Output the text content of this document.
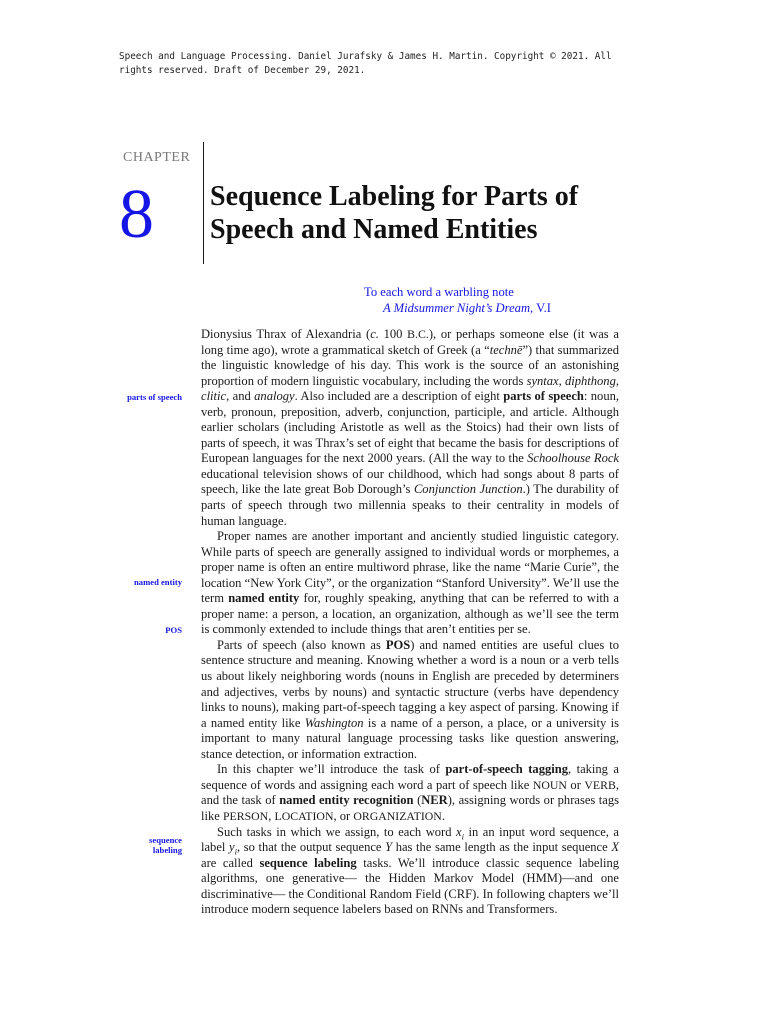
Speech and Language Processing. Daniel Jurafsky & James H. Martin. Copyright © 2021. All
rights reserved. Draft of December 29, 2021.
CHAPTER
8 Sequence Labeling for Parts of
Speech and Named Entities
To each word a warbling note
A Midsummer Night’s Dream, V.I
parts of speech
named entity
POS
sequence
labeling

Dionysius Thrax of Alexandria (c. 100 B.C.), or perhaps someone else (it was a long time ago), wrote a grammatical sketch of Greek (a “technē”) that summarized the linguistic knowledge of his day. This work is the source of an astonishing proportion of modern linguistic vocabulary, including the words syntax, diphthong, clitic, and analogy. Also included are a description of eight parts of speech: noun, verb, pronoun, preposition, adverb, conjunction, participle, and article. Although earlier scholars (including Aristotle as well as the Stoics) had their own lists of parts of speech, it was Thrax’s set of eight that became the basis for descriptions of European languages for the next 2000 years. (All the way to the Schoolhouse Rock educational television shows of our childhood, which had songs about 8 parts of speech, like the late great Bob Dorough’s Conjunction Junction.) The durability of parts of speech through two millennia speaks to their centrality in models of human language.

Proper names are another important and anciently studied linguistic category. While parts of speech are generally assigned to individual words or morphemes, a proper name is often an entire multiword phrase, like the name “Marie Curie”, the location “New York City”, or the organization “Stanford University”. We’ll use the term named entity for, roughly speaking, anything that can be referred to with a proper name: a person, a location, an organization, although as we’ll see the term is commonly extended to include things that aren’t entities per se.

Parts of speech (also known as POS) and named entities are useful clues to sentence structure and meaning. Knowing whether a word is a noun or a verb tells us about likely neighboring words (nouns in English are preceded by determiners and adjectives, verbs by nouns) and syntactic structure (verbs have dependency links to nouns), making part-of-speech tagging a key aspect of parsing. Knowing if a named entity like Washington is a name of a person, a place, or a university is important to many natural language processing tasks like question answering, stance detection, or information extraction.

In this chapter we’ll introduce the task of part-of-speech tagging, taking a sequence of words and assigning each word a part of speech like NOUN or VERB, and the task of named entity recognition (NER), assigning words or phrases tags like PERSON, LOCATION, or ORGANIZATION.

Such tasks in which we assign, to each word $x_i$ in an input word sequence, a label $y_i$, so that the output sequence Y has the same length as the input sequence X are called sequence labeling tasks. We’ll introduce classic sequence labeling algorithms, one generative— the Hidden Markov Model (HMM)—and one discriminative— the Conditional Random Field (CRF). In following chapters we’ll introduce modern sequence labelers based on RNNs and Transformers.
